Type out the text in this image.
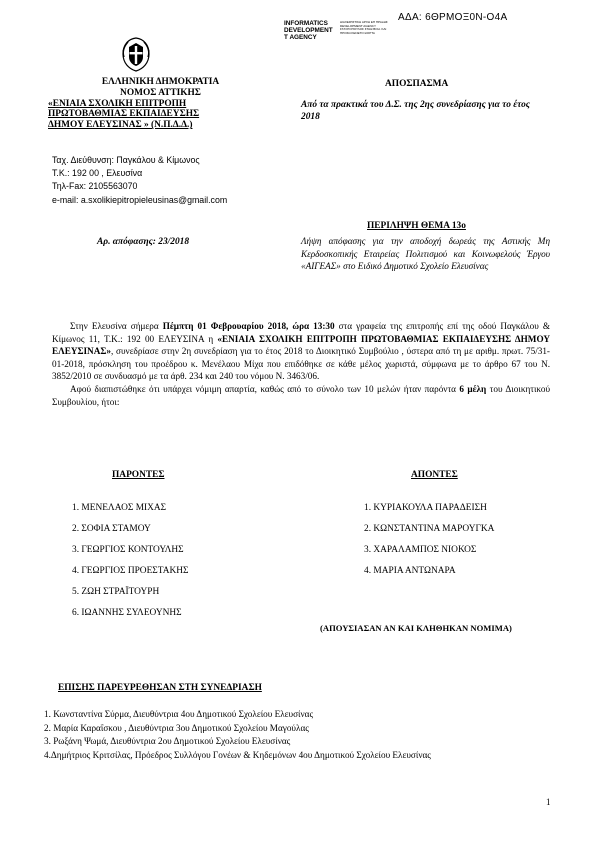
ΑΔΑ: 6ΘΡΜΟΞ0Ν-Ο4Α
INFORMATICS
DEVELOPMENT
T AGENCY
ΔΙΑΧΕΙΡΙΣΤΙΚΗ ΑΡΧΗ ΕΠ ΠΡΑΞΗΣ DEVELOPMENT AGENCY ΣΤΑΥΡΟΠΟΥΛΟΣ ΣΤΑΘ ΒΟΗ. ΚΑΙ ΠΡΟΣΩ ΚΕΝΕΤΟ ΘΟΡΤΑ
ΕΛΛΗΝΙΚΗ ΔΗΜΟΚΡΑΤΙΑ
ΝΟΜΟΣ ΑΤΤΙΚΗΣ
«ΕΝΙΑΙΑ ΣΧΟΛΙΚΗ ΕΠΙΤΡΟΠΗ
ΠΡΩΤΟΒΑΘΜΙΑΣ ΕΚΠΑΙΔΕΥΣΗΣ
ΔΗΜΟΥ ΕΛΕΥΣΙΝΑΣ » (Ν.Π.Δ.Δ.)
ΑΠΟΣΠΑΣΜΑ
Από τα πρακτικά του Δ.Σ. της 2ης συνεδρίασης για το έτος 2018
Ταχ. Διεύθυνση: Παγκάλου & Κίμωνος
Τ.Κ.: 192 00 , Ελευσίνα
Τηλ-Fax: 2105563070
e-mail: a.sxolikiepitropieleusinas@gmail.com
ΠΕΡΙΛΗΨΗ ΘΕΜΑ 13ο
Αρ. απόφασης: 23/2018	Λήψη απόφασης για την αποδοχή δωρεάς της Αστικής Μη Κερδοσκοπικής Εταιρείας Πολιτισμού και Κοινωφελούς Έργου «ΑΙΓΕΑΣ» στο Ειδικό Δημοτικό Σχολείο Ελευσίνας
Στην Ελευσίνα σήμερα Πέμπτη 01 Φεβρουαρίου 2018, ώρα 13:30 στα γραφεία της επιτροπής επί της οδού Παγκάλου & Κίμωνος 11, Τ.Κ.: 192 00 ΕΛΕΥΣΙΝΑ η «ΕΝΙΑΙΑ ΣΧΟΛΙΚΗ ΕΠΙΤΡΟΠΗ ΠΡΩΤΟΒΑΘΜΙΑΣ ΕΚΠΑΙΔΕΥΣΗΣ ΔΗΜΟΥ ΕΛΕΥΣΙΝΑΣ», συνεδρίασε στην 2η συνεδρίαση για το έτος 2018 το Διοικητικό Συμβούλιο , ύστερα από τη με αριθμ. πρωτ. 75/31-01-2018, πρόσκληση του προέδρου κ. Μενέλαου Μίχα που επιδόθηκε σε κάθε μέλος χωριστά, σύμφωνα με το άρθρο 67 του Ν. 3852/2010 σε συνδυασμό με τα άρθ. 234 και 240 του νόμου Ν. 3463/06.
Αφού διαπιστώθηκε ότι υπάρχει νόμιμη απαρτία, καθώς από το σύνολο των 10 μελών ήταν παρόντα 6 μέλη του Διοικητικού Συμβουλίου, ήτοι:
ΠΑΡΟΝΤΕΣ	ΑΠΟΝΤΕΣ
1. ΜΕΝΕΛΑΟΣ ΜΙΧΑΣ
2. ΣΟΦΙΑ ΣΤΑΜΟΥ
3. ΓΕΩΡΓΙΟΣ ΚΟΝΤΟΥΛΗΣ
4. ΓΕΩΡΓΙΟΣ ΠΡΟΕΣΤΑΚΗΣ
5. ΖΩΗ ΣΤΡΑΪΤΟΥΡΗ
6. ΙΩΑΝΝΗΣ ΣΥΛΕΟΥΝΗΣ
1. ΚΥΡΙΑΚΟΥΛΑ ΠΑΡΑΔΕΙΣΗ
2. ΚΩΝΣΤΑΝΤΙΝΑ ΜΑΡΟΥΓΚΑ
3. ΧΑΡΑΛΑΜΠΟΣ ΝΙΟΚΟΣ
4. ΜΑΡΙΑ ΑΝΤΩΝΑΡΑ
(ΑΠΟΥΣΙΑΣΑΝ ΑΝ ΚΑΙ ΚΛΗΘΗΚΑΝ ΝΟΜΙΜΑ)
ΕΠΙΣΗΣ ΠΑΡΕΥΡΕΘΗΣΑΝ ΣΤΗ ΣΥΝΕΔΡΙΑΣΗ
1. Κωνσταντίνα Σύρμα, Διευθύντρια 4ου Δημοτικού Σχολείου Ελευσίνας
2. Μαρία Καραΐσκου , Διευθύντρια 3ου Δημοτικού Σχολείου Μαγούλας
3. Ρωξάνη Ψωμά, Διευθύντρια 2ου Δημοτικού Σχολείου Ελευσίνας
4.Δημήτριος Κριτσίλας, Πρόεδρος Συλλόγου Γονέων & Κηδεμόνων 4ου Δημοτικού Σχολείου Ελευσίνας
1
